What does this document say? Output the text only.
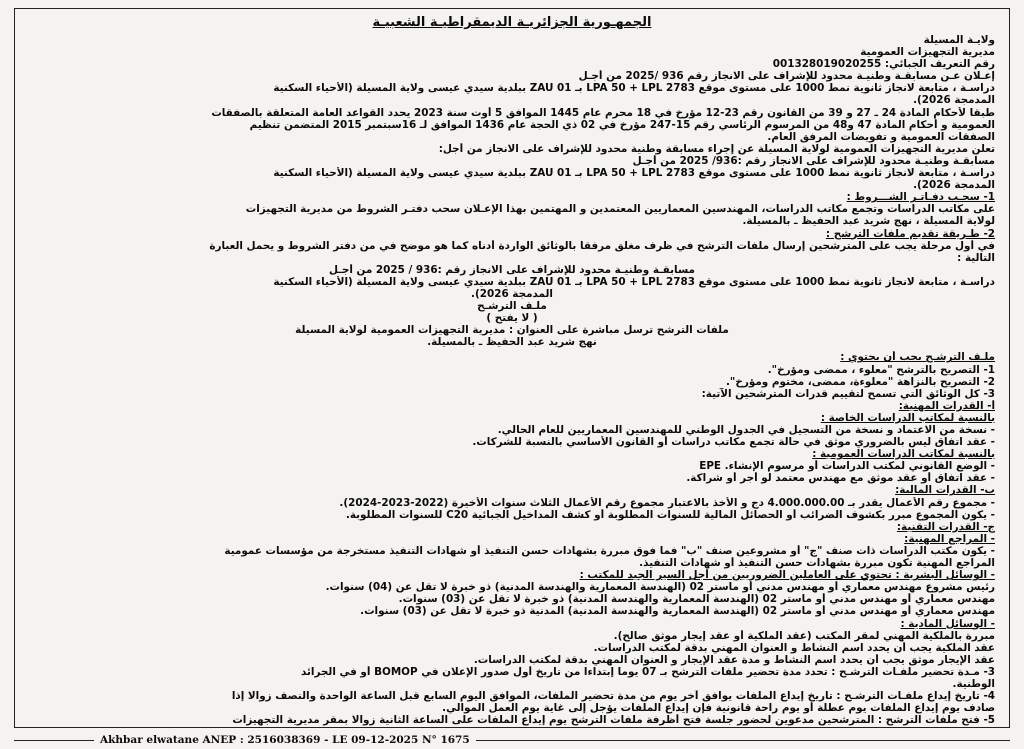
الجمهـورية الجزائريـة الديمقراطيـة الشعبيـة
ولايـة المسيلة
مديرية التجهيزات العمومية
رقم التعريف الجبائي: 001328019020255
إعـلان عـن مسابقـة وطنيـة محدود للإشراف على الانجاز رقم 936 /2025 من أجـل
دراسـة ، متابعة لانجاز ثانوية نمط 1000 على مستوى موقع LPA 50 + LPL 2783 بـ ZAU 01 ببلدية سيدي عيسى ولاية المسيلة (الأحياء السكنية
المدمجة 2026).
طبقا لأحكام المادة 24 ـ 27 و 39 من القانون رقم 23-12 مؤرخ في 18 محرم عام 1445 الموافق 5 أوت سنة 2023 يحدد القواعد العامة المتعلقة بالصفقات
العمومية و أحكام المادة 47 و48 من المرسوم الرئاسي رقم 15-247 مؤرخ في 02 ذي الحجة عام 1436 الموافق لـ 16سبتمبر 2015 المتضمن تنظيم
الصفقات العمومية و تفويضات المرفق العام.
تعلن مديرية التجهيزات العمومية لولاية المسيلة عن إجراء مسابقة وطنية محدود للإشراف على الانجاز من أجل:
مسابقـة وطنيـة محدود للإشراف على الانجاز رقم :936/ 2025 من أجـل
دراسـة ، متابعة لانجاز ثانوية نمط 1000 على مستوى موقع LPA 50 + LPL 2783 بـ ZAU 01 ببلدية سيدي عيسى ولاية المسيلة (الأحياء السكنية
المدمجة 2026).
1- سحـب دفـاتـر الشـــروط :
على مكاتب الدراسات وتجمع مكاتب الدراسات، المهندسين المعماريين المعتمدين و المهتمين بهذا الإعـلان سحب دفتـر الشروط من مديرية التجهيزات
لولاية المسيلة ، نهج شريد عبد الحفيظ ـ بالمسيلة.
2- طـريقة تقديم ملفات الترشح :
في أول مرحلة يجب على المترشحين إرسال ملفات الترشح في ظرف مغلق مرفقا بالوثائق الواردة أدناه كما هو موضح في من دفتر الشروط و يحمل العبارة
التالية :
مسابقـة وطنيـة محدود للإشراف على الانجاز رقم :936 / 2025 من أجـل
دراسـة ، متابعة لانجاز ثانوية نمط 1000 على مستوى موقع LPA 50 + LPL 2783 بـ ZAU 01 ببلدية سيدي عيسى ولاية المسيلة (الأحياء السكنية
المدمجة 2026).
ملـف الترشـح
( لا يفتح )
ملفات الترشح ترسل مباشرة على العنوان : مديرية التجهيزات العمومية لولاية المسيلة
نهج شريد عبد الحفيظ ـ بالمسيلة.
ملـف الترشـح يجب أن يحتوي :
1- التصريح بالترشح "معلوء ، ممضى ومؤرخ".
2- التصريح بالنزاهة "معلوءة، ممضى، مختوم ومؤرخ".
3- كل الوثائق التي تسمح لتقييم قدرات المترشحين الآتية:
أ- القدرات المهنية:
بالنسبة لمكاتب الدراسات الخاصة :
- نسخة من الاعتماد و نسخة من التسجيل في الجدول الوطني للمهندسين المعماريين للعام الحالي.
- عقد اتفاق ليس بالضروري موثق في حالة تجمع مكاتب دراسات أو القانون الأساسي بالنسبة للشركات.
بالنسبة لمكاتب الدراسات العمومية :
- الوضع القانوني لمكتب الدراسات أو مرسوم الإنشاء. EPE
- عقد اتفاق أو عقد موثق مع مهندس معتمد لو أجر أو شراكة.
ب- القدرات المالية:
- مجموع رقم الأعمال يقدر بـ 4.000.000.00 دج و الأخذ بالاعتبار مجموع رقم الأعمال الثلاث سنوات الأخيرة (2022-2023-2024).
- يكون المجموع مبرر بكشوف الضرائب أو الحصائل المالية للسنوات المطلوبة أو كشف المداخيل الجبائية C20 للسنوات المطلوبة.
ج- القدرات التقنية:
- المراجع المهنية:
- يكون مكتب الدراسات ذات صنف "ج" أو مشروعين صنف "ب" فما فوق مبررة بشهادات حسن التنفيذ أو شهادات التنفيذ مستخرجة من مؤسسات عمومية
المراجع المهنية تكون مبررة بشهادات حسن التنفيذ أو شهادات التنفيذ.
- الوسائل البشرية : تحتوي على العاملين الضروريين من أجل السير الجيد للمكتب :
رئيس مشروع مهندس معماري أو مهندس مدني أو ماستر 02 (الهندسة المعمارية والهندسة المدنية) ذو خبرة لا تقل عن (04) سنوات.
مهندس معماري أو مهندس مدني أو ماستر 02 (الهندسة المعمارية والهندسة المدنية) ذو خبرة لا تقل عن (03) سنوات.
مهندس معماري أو مهندس مدني أو ماستر 02 (الهندسة المعمارية والهندسة المدنية) المدنية ذو خبرة لا تقل عن (03) سنوات.
- الوسائل المادية :
مبررة بالملكية المهني لمقر المكتب (عقد الملكية أو عقد إيجار موثق صالح).
عقد الملكية يجب أن يحدد اسم النشاط و العنوان المهني بدقة لمكتب الدراسات.
عقد الإيجار موثق يجب أن يحدد اسم النشاط و مدة عقد الإيجار و العنوان المهني بدقة لمكتب الدراسات.
3- مـدة تحضير ملفـات الترشـح : تحدد مدة تحضير ملفات الترشح بـ 07 يوما إبتداءا من تاريخ أول صدور الإعلان في BOMOP أو في الجرائد
الوطنية.
4- تاريخ إيداع ملفـات الترشـح : تاريخ إيداع الملفات يوافق آخر يوم من مدة تحضير الملفات، الموافق اليوم السابع قبل الساعة الواحدة والنصف زوالا إذا
صادف يوم إيداع الملفات يوم عطلة أو يوم راحة قانونية فإن إيداع الملفات يؤجل إلى غاية يوم العمل الموالي.
5- فتح ملفات الترشح : المترشحين مدعوين لحضور جلسة فتح أظرفة ملفات الترشح يوم إيداع الملفات على الساعة الثانية زوالا بمقر مديرية التجهيزات
Akhbar elwatane ANEP : 2516038369 - LE 09-12-2025 N° 1675
